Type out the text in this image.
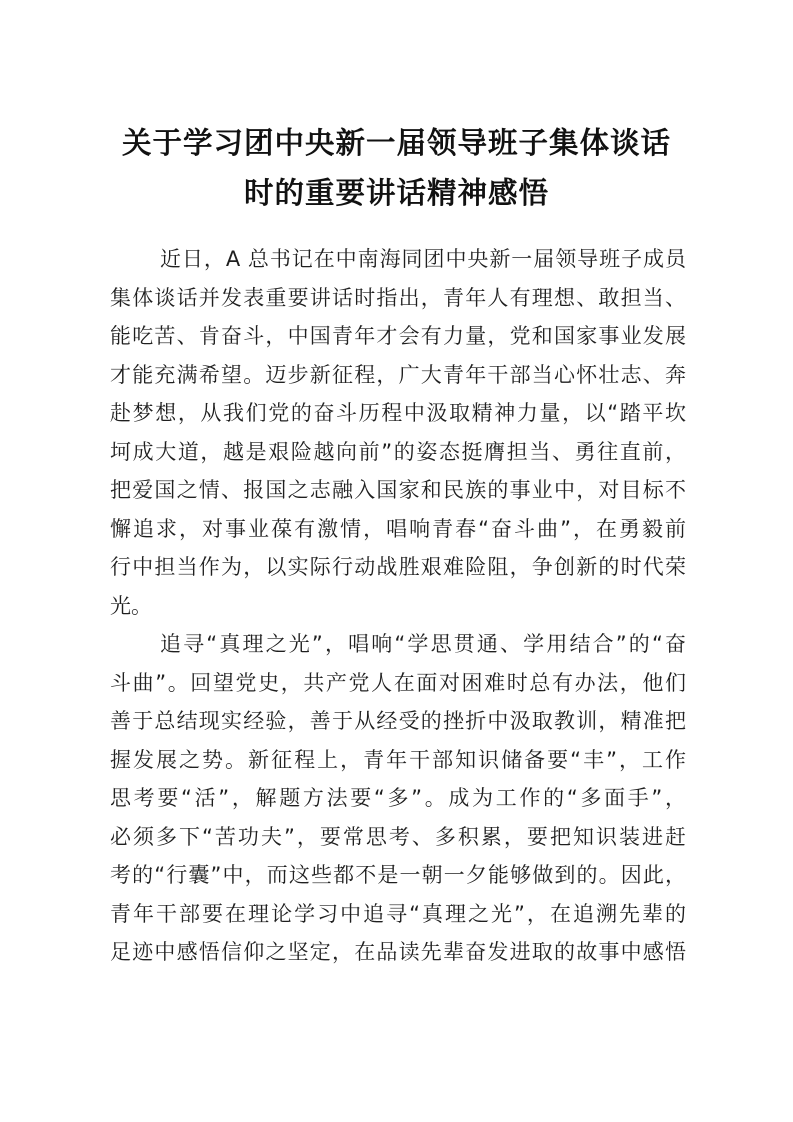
关于学习团中央新一届领导班子集体谈话
时的重要讲话精神感悟

近日，A 总书记在中南海同团中央新一届领导班子成员
集体谈话并发表重要讲话时指出，青年人有理想、敢担当、
能吃苦、肯奋斗，中国青年才会有力量，党和国家事业发展
才能充满希望。迈步新征程，广大青年干部当心怀壮志、奔
赴梦想，从我们党的奋斗历程中汲取精神力量，以“踏平坎
坷成大道，越是艰险越向前”的姿态挺膺担当、勇往直前，
把爱国之情、报国之志融入国家和民族的事业中，对目标不
懈追求，对事业葆有激情，唱响青春“奋斗曲”，在勇毅前
行中担当作为，以实际行动战胜艰难险阻，争创新的时代荣
光。

追寻“真理之光”，唱响“学思贯通、学用结合”的“奋
斗曲”。回望党史，共产党人在面对困难时总有办法，他们
善于总结现实经验，善于从经受的挫折中汲取教训，精准把
握发展之势。新征程上，青年干部知识储备要“丰”，工作
思考要“活”，解题方法要“多”。成为工作的“多面手”，
必须多下“苦功夫”，要常思考、多积累，要把知识装进赶
考的“行囊”中，而这些都不是一朝一夕能够做到的。因此，
青年干部要在理论学习中追寻“真理之光”，在追溯先辈的
足迹中感悟信仰之坚定，在品读先辈奋发进取的故事中感悟
